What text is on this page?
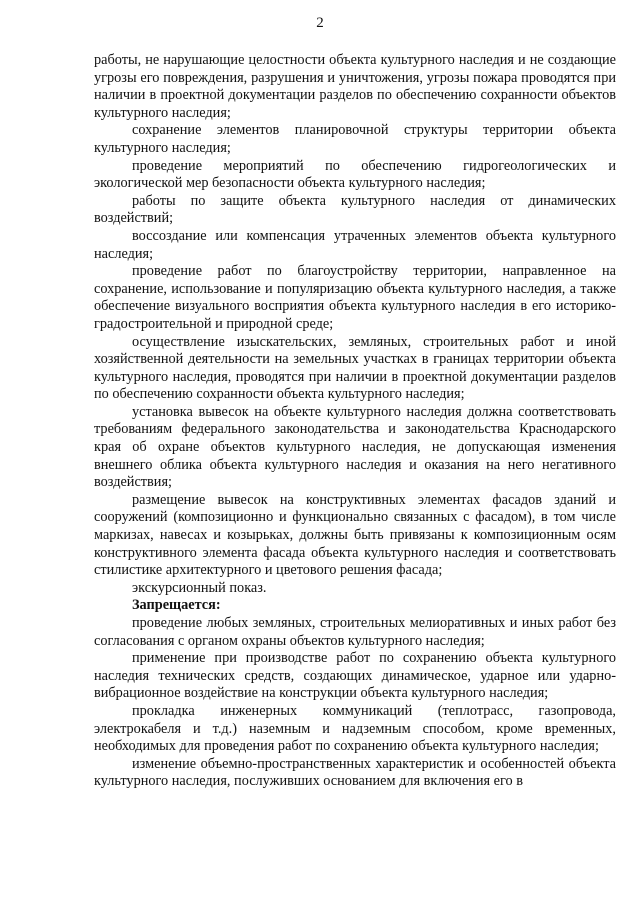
2

работы, не нарушающие целостности объекта культурного наследия и не создающие угрозы его повреждения, разрушения и уничтожения, угрозы пожара проводятся при наличии в проектной документации разделов по обеспечению сохранности объектов культурного наследия;

сохранение элементов планировочной структуры территории объекта культурного наследия;

проведение мероприятий по обеспечению гидрогеологических и экологической мер безопасности объекта культурного наследия;

работы по защите объекта культурного наследия от динамических воздействий;

воссоздание или компенсация утраченных элементов объекта культурного наследия;

проведение работ по благоустройству территории, направленное на сохранение, использование и популяризацию объекта культурного наследия, а также обеспечение визуального восприятия объекта культурного наследия в его историко-градостроительной и природной среде;

осуществление изыскательских, земляных, строительных работ и иной хозяйственной деятельности на земельных участках в границах территории объекта культурного наследия, проводятся при наличии в проектной документации разделов по обеспечению сохранности объекта культурного наследия;

установка вывесок на объекте культурного наследия должна соответствовать требованиям федерального законодательства и законодательства Краснодарского края об охране объектов культурного наследия, не допускающая изменения внешнего облика объекта культурного наследия и оказания на него негативного воздействия;

размещение вывесок на конструктивных элементах фасадов зданий и сооружений (композиционно и функционально связанных с фасадом), в том числе маркизах, навесах и козырьках, должны быть привязаны к композиционным осям конструктивного элемента фасада объекта культурного наследия и соответствовать стилистике архитектурного и цветового решения фасада;

экскурсионный показ.

Запрещается:

проведение любых земляных, строительных мелиоративных и иных работ без согласования с органом охраны объектов культурного наследия;

применение при производстве работ по сохранению объекта культурного наследия технических средств, создающих динамическое, ударное или ударно-вибрационное воздействие на конструкции объекта культурного наследия;

прокладка инженерных коммуникаций (теплотрасс, газопровода, электрокабеля и т.д.) наземным и надземным способом, кроме временных, необходимых для проведения работ по сохранению объекта культурного наследия;

изменение объемно-пространственных характеристик и особенностей объекта культурного наследия, послуживших основанием для включения его в
